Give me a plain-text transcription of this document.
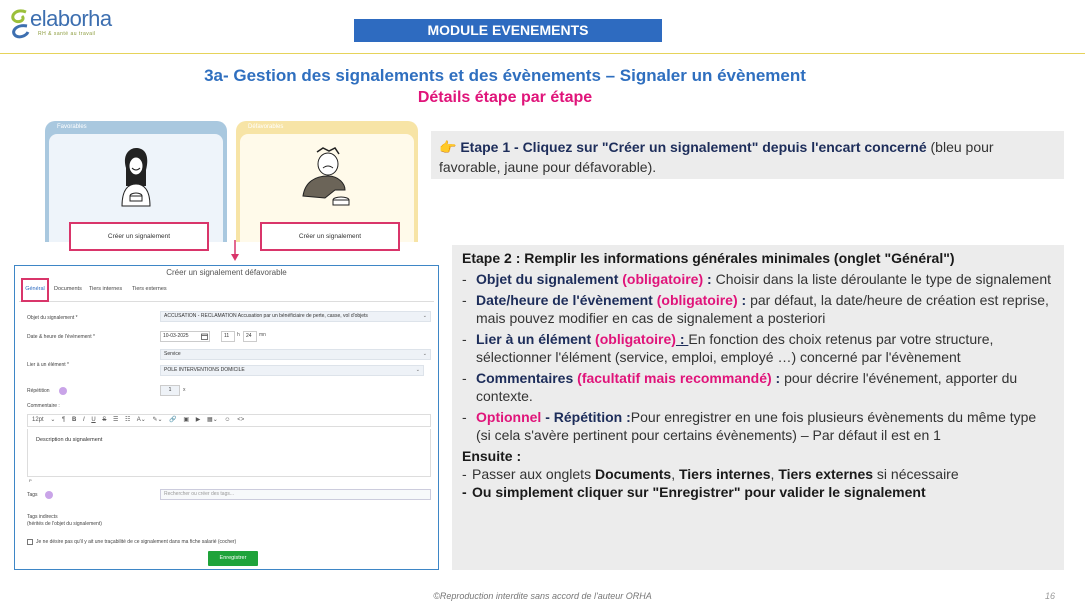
elaborha
RH & santé au travail	MODULE EVENEMENTS
3a- Gestion des signalements et des évènements – Signaler un évènement
Détails étape par étape
Favorables
Créer un signalement
Défavorables
Créer un signalement
Créer un signalement défavorable
Général	Documents Tiers internes Tiers externes
Objet du signalement *	ACCUSATION - RECLAMATION Accusation par un bénéficiaire de perte, casse, vol d'objets	⌄
Date & heure de l'évènement *	10-03-2025	11	h	24	mn
Lier à un élément *
Service	⌄
POLE INTERVENTIONS DOMICILE	⌄
Répétition	1	x
Commentaire :
12pt ⌄ ¶ B I U S ☰ ☷ A⌄ ✎⌄ 🔗 ▣ ▶ ▦⌄ ☺ <>
Description du signalement
P
Tags	Rechercher ou créer des tags...
Tags indirects
(hérités de l'objet du signalement)
Je ne désire pas qu'il y ait une traçabilité de ce signalement dans ma fiche salarié (cocher)
Enregistrer
👉 Etape 1 - Cliquez sur "Créer un signalement" depuis l'encart concerné (bleu pour favorable, jaune pour défavorable).
Etape 2 : Remplir les informations générales minimales (onglet "Général")
- Objet du signalement (obligatoire) : Choisir dans la liste déroulante le type de signalement
- Date/heure de l'évènement (obligatoire) : par défaut, la date/heure de création est reprise, mais pouvez modifier en cas de signalement a posteriori
- Lier à un élément (obligatoire) : En fonction des choix retenus par votre structure, sélectionner l'élément (service, emploi, employé …) concerné par l'évènement
- Commentaires (facultatif mais recommandé) : pour décrire l'événement, apporter du contexte.
- Optionnel - Répétition :Pour enregistrer en une fois plusieurs évènements du même type (si cela s'avère pertinent pour certains évènements) – Par défaut il est en 1
Ensuite :
- Passer aux onglets Documents, Tiers internes, Tiers externes si nécessaire
- Ou simplement cliquer sur "Enregistrer" pour valider le signalement
©Reproduction interdite sans accord de l'auteur ORHA	16
